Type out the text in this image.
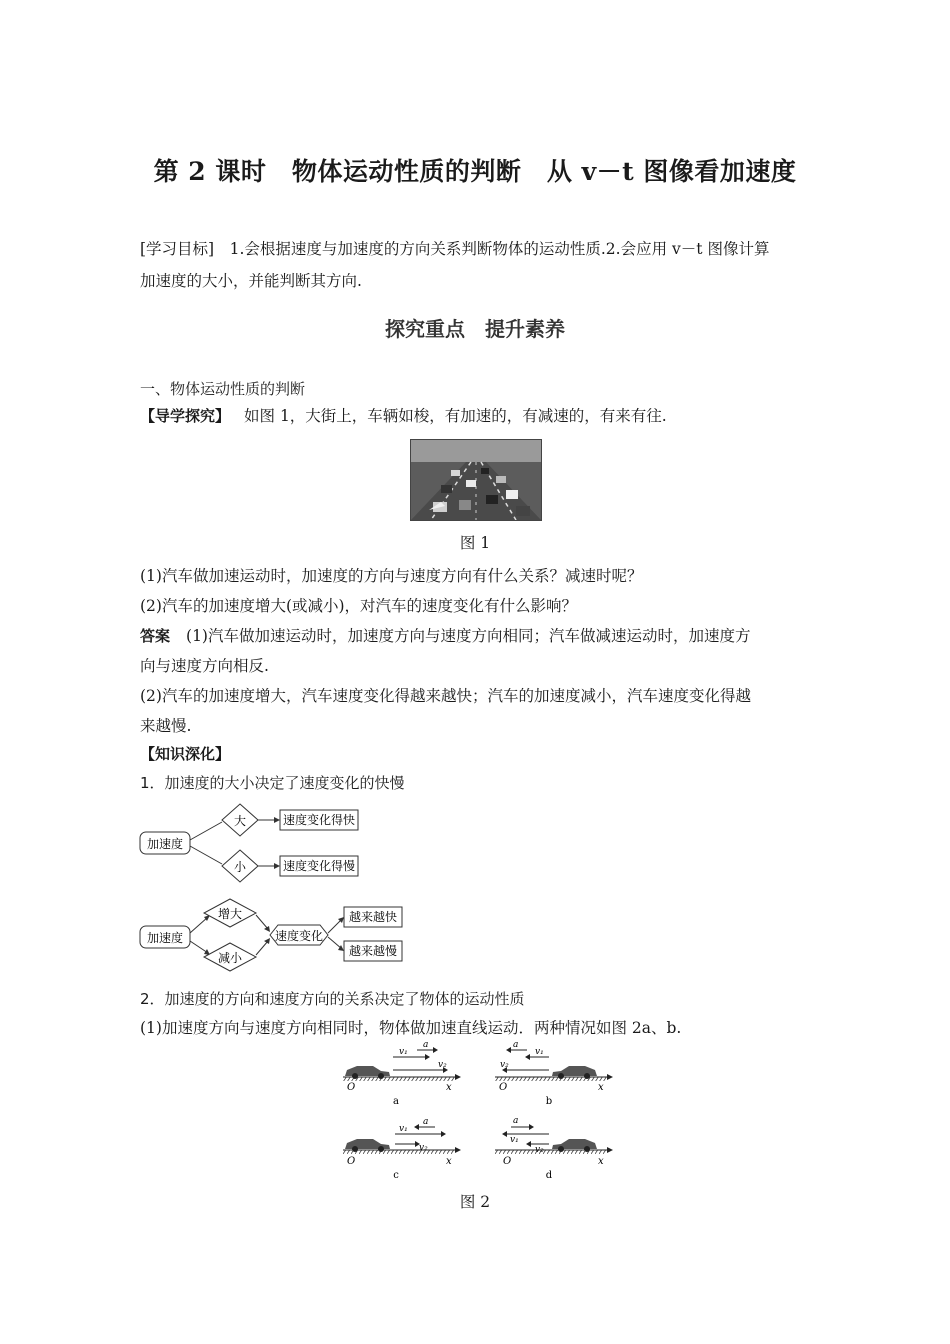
第 2 课时　物体运动性质的判断　从 v－t 图像看加速度
[学习目标]　1.会根据速度与加速度的方向关系判断物体的运动性质.2.会应用 v－t 图像计算
加速度的大小，并能判断其方向.
探究重点　提升素养
一、物体运动性质的判断
【导学探究】 如图 1，大街上，车辆如梭，有加速的，有减速的，有来有往.
图 1
(1)汽车做加速运动时，加速度的方向与速度方向有什么关系？减速时呢？
(2)汽车的加速度增大(或减小)，对汽车的速度变化有什么影响？
答案 (1)汽车做加速运动时，加速度方向与速度方向相同；汽车做减速运动时，加速度方
向与速度方向相反.
(2)汽车的加速度增大，汽车速度变化得越来越快；汽车的加速度减小，汽车速度变化得越
来越慢.
【知识深化】
1．加速度的大小决定了速度变化的快慢
加速度
大
小
速度变化得快
速度变化得慢
加速度
增大
减小
速度变化
越来越快
越来越慢
2．加速度的方向和速度方向的关系决定了物体的运动性质
(1)加速度方向与速度方向相同时，物体做加速直线运动．两种情况如图 2a、b.
v₁
v₂
a
O	x
a
v₁
v₂
a
O	x
b
v₁
v₂
a
O	x
c
v₁
v₂
a
O	x
d
图 2
